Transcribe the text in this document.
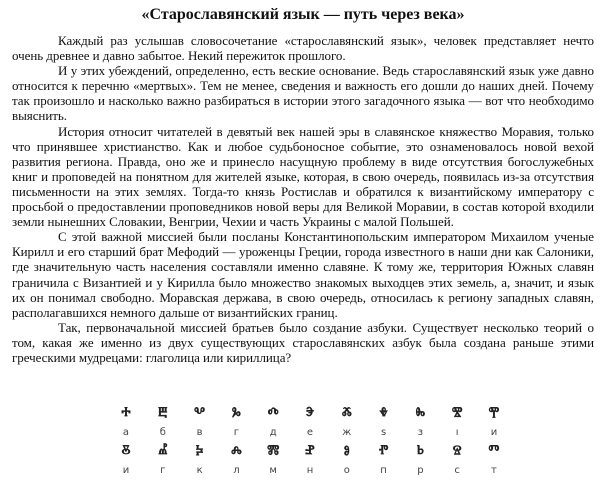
«Старославянский язык — путь через века»

Каждый раз услышав словосочетание «старославянский язык», человек представляет нечто очень древнее и давно забытое. Некий пережиток прошлого.

И у этих убеждений, определенно, есть веские основание. Ведь старославянский язык уже давно относится к перечню «мертвых». Тем не менее, сведения и важность его дошли до наших дней. Почему так произошло и насколько важно разбираться в истории этого загадочного языка — вот что необходимо выяснить.

История относит читателей в девятый век нашей эры в славянское княжество Моравия, только что принявшее христианство. Как и любое судьбоносное событие, это ознаменовалось новой вехой развития региона. Правда, оно же и принесло насущную проблему в виде отсутствия богослужебных книг и проповедей на понятном для жителей языке, которая, в свою очередь, появилась из-за отсутствия письменности на этих землях. Тогда-то князь Ростислав и обратился к византийскому императору с просьбой о предоставлении проповедников новой веры для Великой Моравии, в состав которой входили земли нынешних Словакии, Венгрии, Чехии и часть Украины с малой Польшей.

С этой важной миссией были посланы Константинопольским императором Михаилом ученые Кирилл и его старший брат Мефодий — уроженцы Греции, города известного в наши дни как Салоники, где значительную часть населения составляли именно славяне. К тому же, территория Южных славян граничила с Византией и у Кирилла было множество знакомых выходцев этих земель, а, значит, и язык их он понимал свободно. Моравская держава, в свою очередь, относилась к региону западных славян, располагавшихся немного дальше от византийских границ.

Так, первоначальной миссией братьев было создание азбуки. Существует несколько теорий о том, какая же именно из двух существующих старославянских азбук была создана раньше этими греческими мудрецами: глаголица или кириллица?

ⰰ
а
ⰱ
б
ⰲ
в
ⰳ
г
ⰴ
д
ⰵ
е
ⰶ
ж
ⰷ
ѕ
ⰸ
з
ⰺ
ı
ⰹ
и
ⰻ
и
ⰼ
г
ⰽ
к
ⰾ
л
ⰿ
м
ⱀ
н
ⱁ
о
ⱂ
п
ⱃ
р
ⱄ
с
ⱅ
т
